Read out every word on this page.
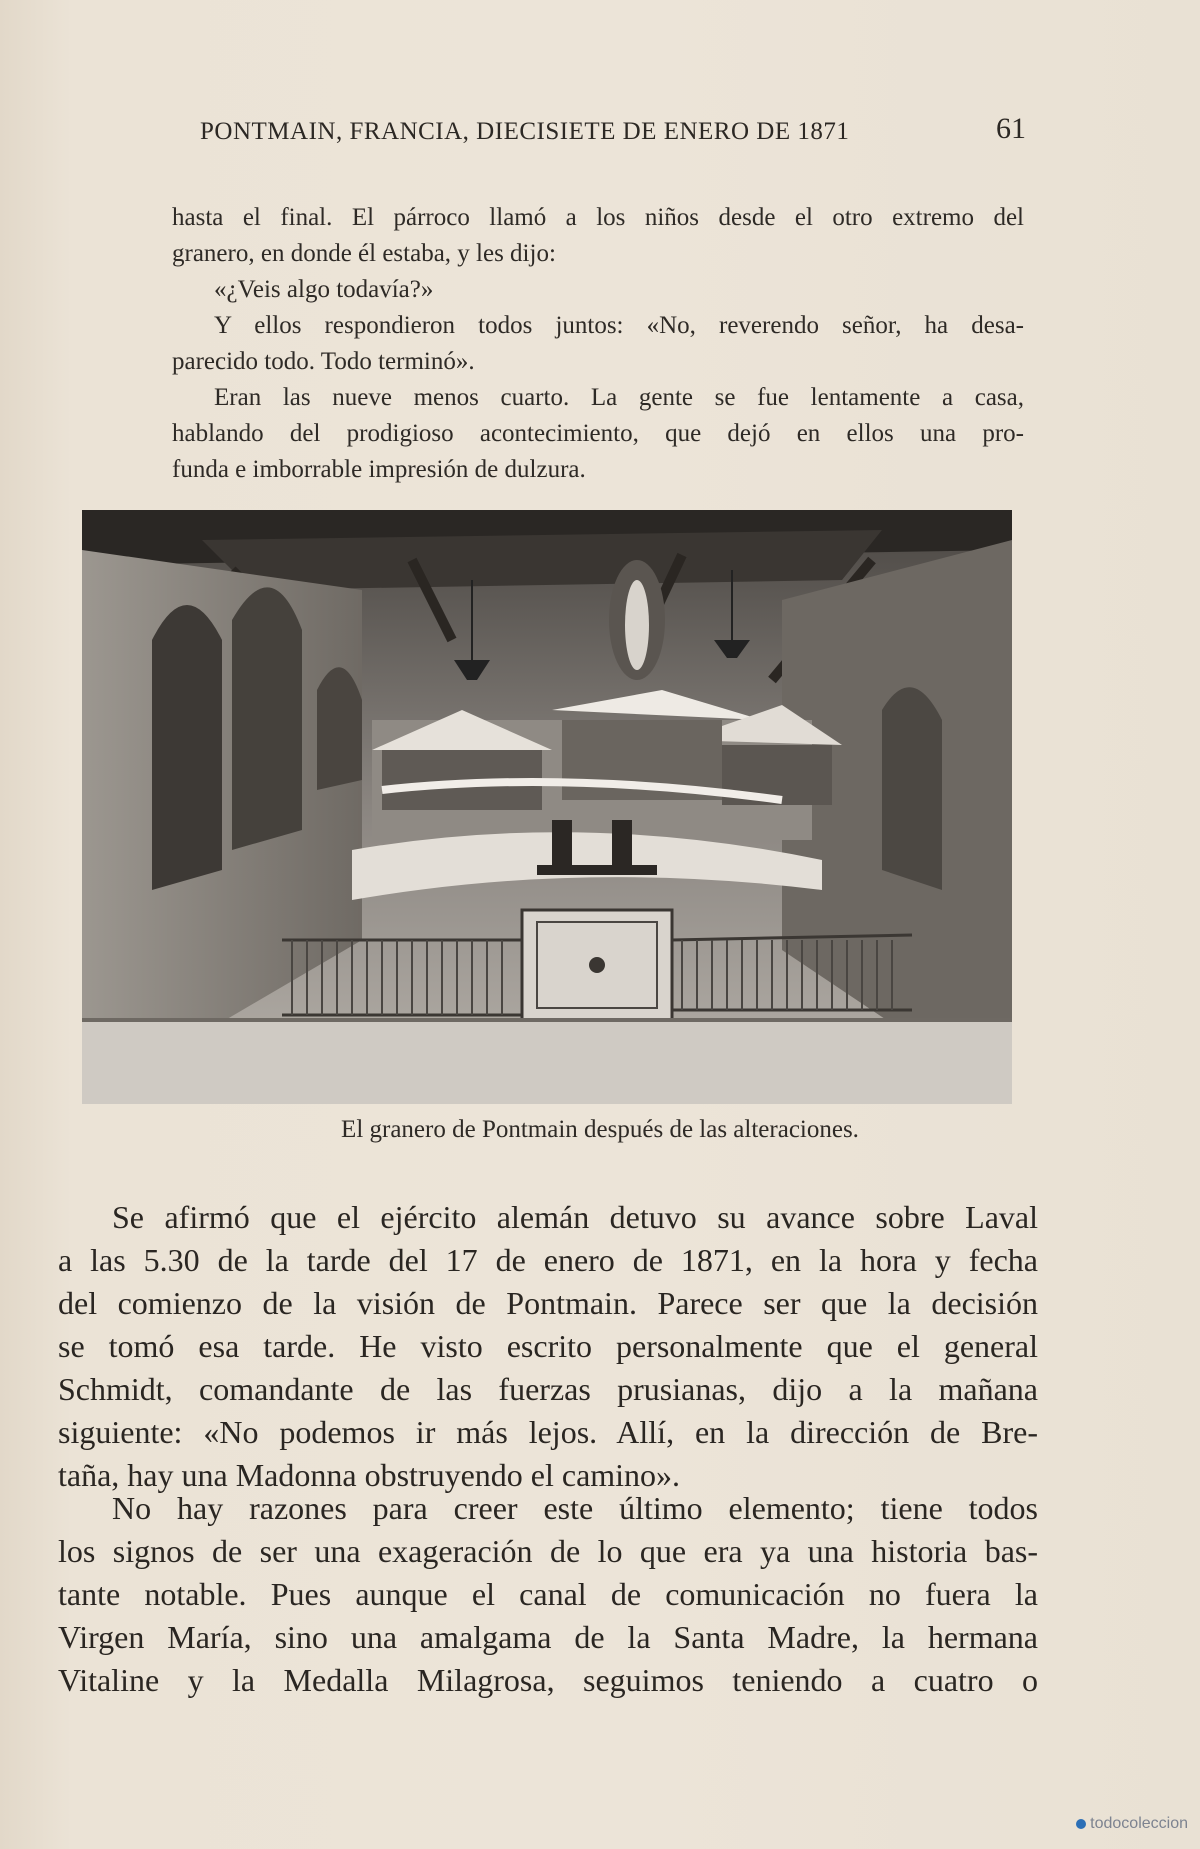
PONTMAIN, FRANCIA, DIECISIETE DE ENERO DE 1871	61

hasta el final. El párroco llamó a los niños desde el otro extremo del

granero, en donde él estaba, y les dijo:

«¿Veis algo todavía?»

Y ellos respondieron todos juntos: «No, reverendo señor, ha desa-

parecido todo. Todo terminó».

Eran las nueve menos cuarto. La gente se fue lentamente a casa,

hablando del prodigioso acontecimiento, que dejó en ellos una pro-

funda e imborrable impresión de dulzura.

El granero de Pontmain después de las alteraciones.

Se afirmó que el ejército alemán detuvo su avance sobre Laval

a las 5.30 de la tarde del 17 de enero de 1871, en la hora y fecha

del comienzo de la visión de Pontmain. Parece ser que la decisión

se tomó esa tarde. He visto escrito personalmente que el general

Schmidt, comandante de las fuerzas prusianas, dijo a la mañana

siguiente: «No podemos ir más lejos. Allí, en la dirección de Bre-

taña, hay una Madonna obstruyendo el camino».

No hay razones para creer este último elemento; tiene todos

los signos de ser una exageración de lo que era ya una historia bas-

tante notable. Pues aunque el canal de comunicación no fuera la

Virgen María, sino una amalgama de la Santa Madre, la hermana

Vitaline y la Medalla Milagrosa, seguimos teniendo a cuatro o

todocoleccion
